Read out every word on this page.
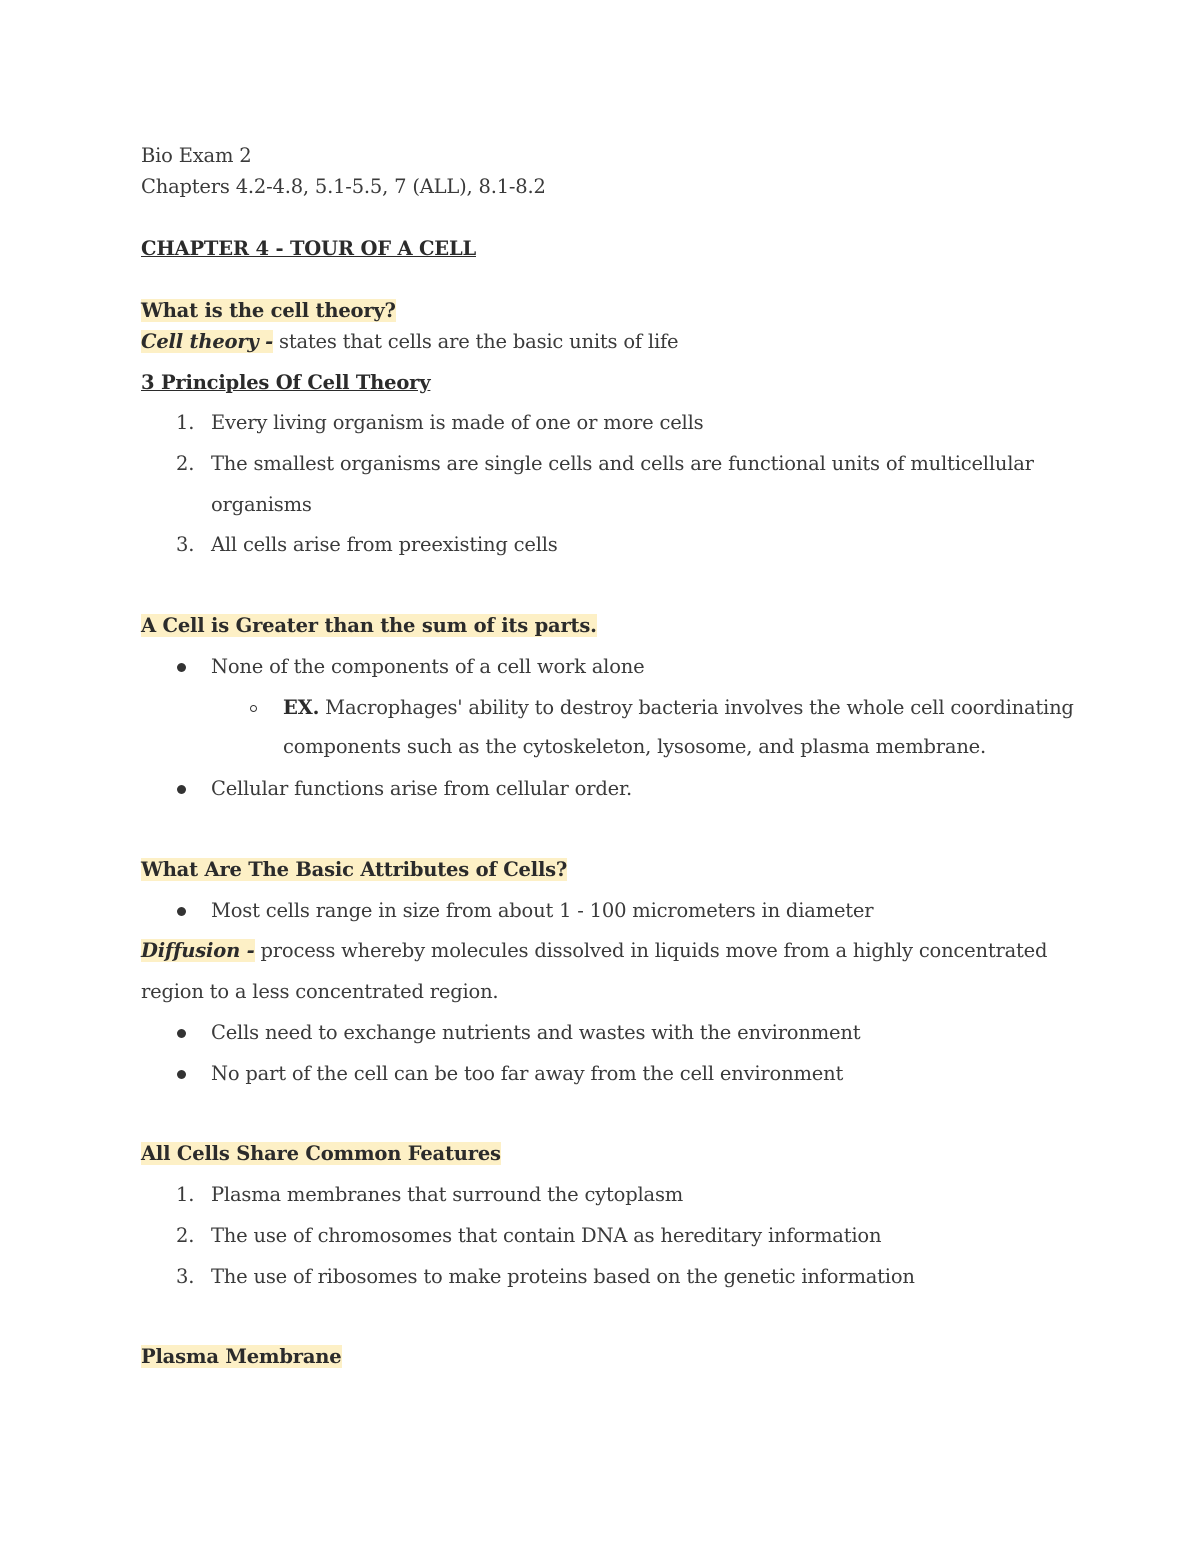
Bio Exam 2
Chapters 4.2-4.8, 5.1-5.5, 7 (ALL), 8.1-8.2
CHAPTER 4 - TOUR OF A CELL
What is the cell theory?
Cell theory - states that cells are the basic units of life
3 Principles Of Cell Theory
1. Every living organism is made of one or more cells
2. The smallest organisms are single cells and cells are functional units of multicellular
organisms
3. All cells arise from preexisting cells
A Cell is Greater than the sum of its parts.
None of the components of a cell work alone
EX. Macrophages' ability to destroy bacteria involves the whole cell coordinating
components such as the cytoskeleton, lysosome, and plasma membrane.
Cellular functions arise from cellular order.
What Are The Basic Attributes of Cells?
Most cells range in size from about 1 - 100 micrometers in diameter
Diffusion - process whereby molecules dissolved in liquids move from a highly concentrated
region to a less concentrated region.
Cells need to exchange nutrients and wastes with the environment
No part of the cell can be too far away from the cell environment
All Cells Share Common Features
1. Plasma membranes that surround the cytoplasm
2. The use of chromosomes that contain DNA as hereditary information
3. The use of ribosomes to make proteins based on the genetic information
Plasma Membrane
